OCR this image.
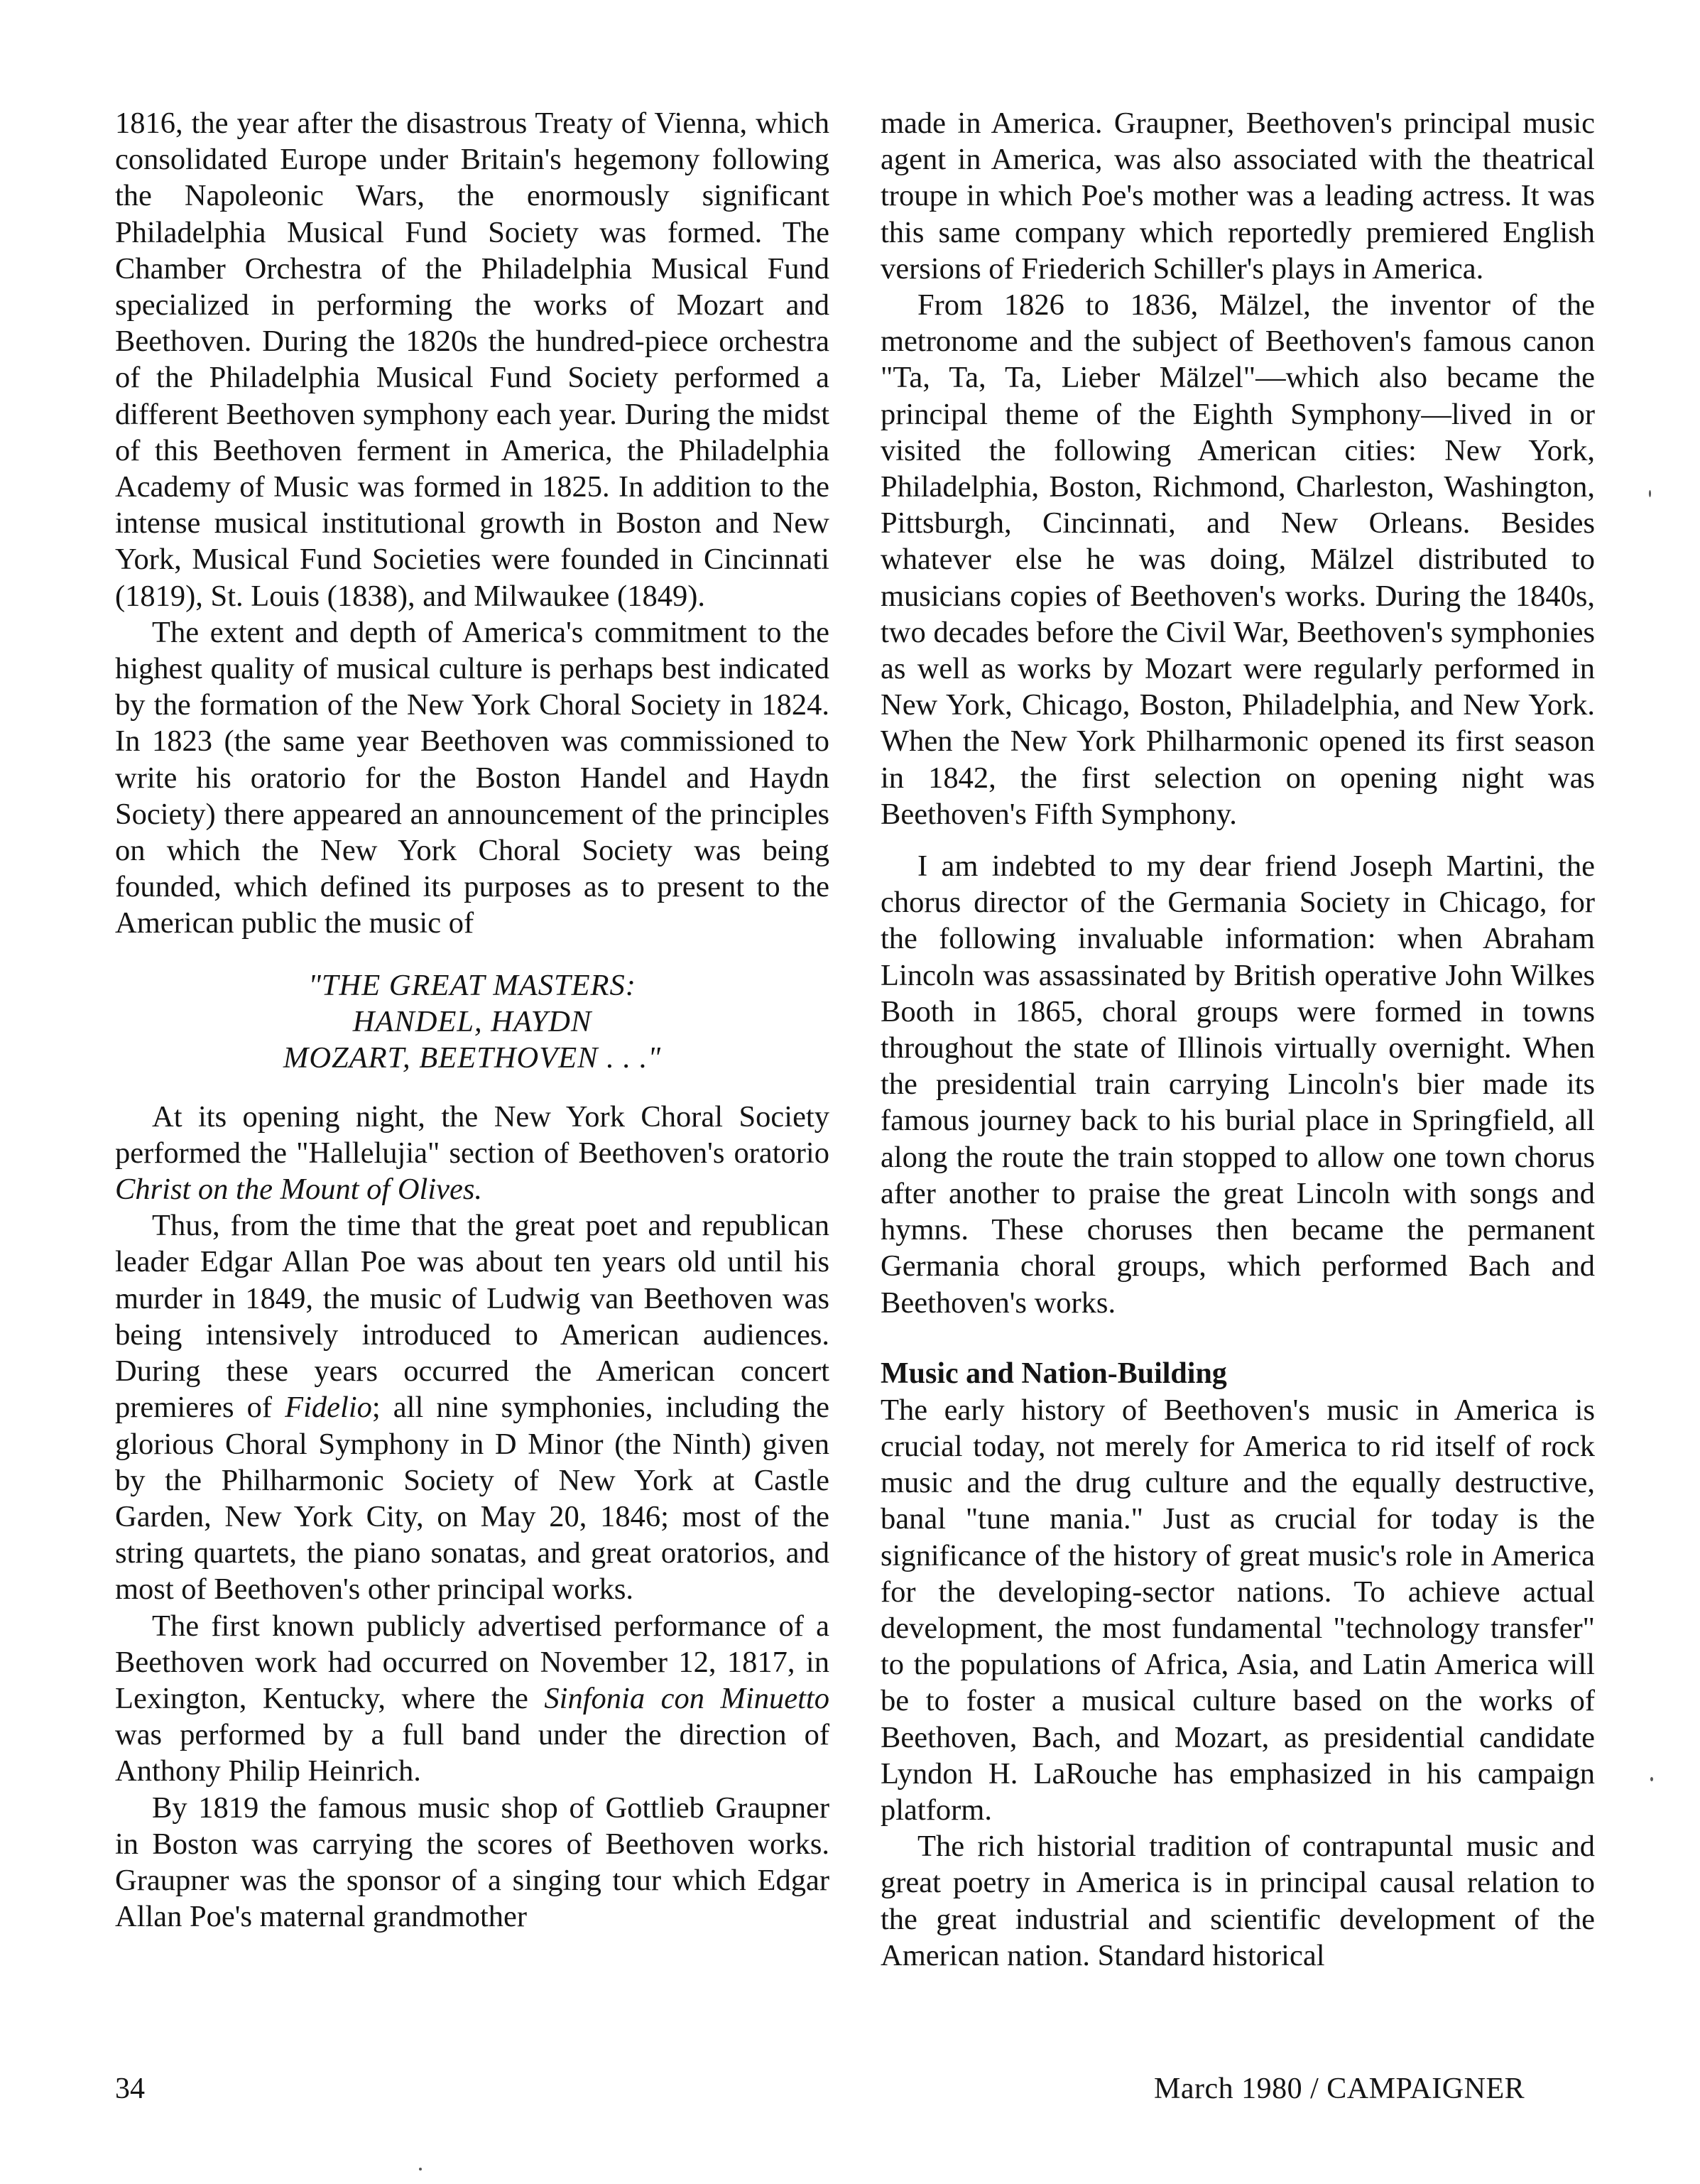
1816, the year after the disastrous Treaty of Vienna, which consolidated Europe under Britain's hegemony following the Napoleonic Wars, the enormously significant Philadelphia Musical Fund Society was formed. The Chamber Orchestra of the Philadelphia Musical Fund specialized in performing the works of Mozart and Beethoven. During the 1820s the hundred-piece orchestra of the Philadelphia Musical Fund Society performed a different Beethoven symphony each year. During the midst of this Beethoven ferment in America, the Philadelphia Academy of Music was formed in 1825. In addition to the intense musical institutional growth in Boston and New York, Musical Fund Societies were founded in Cincinnati (1819), St. Louis (1838), and Milwaukee (1849).

The extent and depth of America's commitment to the highest quality of musical culture is perhaps best indicated by the formation of the New York Choral Society in 1824. In 1823 (the same year Beethoven was commissioned to write his oratorio for the Boston Handel and Haydn Society) there appeared an announcement of the principles on which the New York Choral Society was being founded, which defined its purposes as to present to the American public the music of

"THE GREAT MASTERS:
HANDEL, HAYDN
MOZART, BEETHOVEN . . ."

At its opening night, the New York Choral Society performed the "Hallelujia" section of Beethoven's oratorio Christ on the Mount of Olives.

Thus, from the time that the great poet and republican leader Edgar Allan Poe was about ten years old until his murder in 1849, the music of Ludwig van Beethoven was being intensively introduced to American audiences. During these years occurred the American concert premieres of Fidelio; all nine symphonies, including the glorious Choral Symphony in D Minor (the Ninth) given by the Philharmonic Society of New York at Castle Garden, New York City, on May 20, 1846; most of the string quartets, the piano sonatas, and great oratorios, and most of Beethoven's other principal works.

The first known publicly advertised performance of a Beethoven work had occurred on November 12, 1817, in Lexington, Kentucky, where the Sinfonia con Minuetto was performed by a full band under the direction of Anthony Philip Heinrich.

By 1819 the famous music shop of Gottlieb Graupner in Boston was carrying the scores of Beethoven works. Graupner was the sponsor of a singing tour which Edgar Allan Poe's maternal grandmother

made in America. Graupner, Beethoven's principal music agent in America, was also associated with the theatrical troupe in which Poe's mother was a leading actress. It was this same company which reportedly premiered English versions of Friederich Schiller's plays in America.

From 1826 to 1836, Mälzel, the inventor of the metronome and the subject of Beethoven's famous canon "Ta, Ta, Ta, Lieber Mälzel"—which also became the principal theme of the Eighth Symphony—lived in or visited the following American cities: New York, Philadelphia, Boston, Richmond, Charleston, Washington, Pittsburgh, Cincinnati, and New Orleans. Besides whatever else he was doing, Mälzel distributed to musicians copies of Beethoven's works. During the 1840s, two decades before the Civil War, Beethoven's symphonies as well as works by Mozart were regularly performed in New York, Chicago, Boston, Philadelphia, and New York. When the New York Philharmonic opened its first season in 1842, the first selection on opening night was Beethoven's Fifth Symphony.

I am indebted to my dear friend Joseph Martini, the chorus director of the Germania Society in Chicago, for the following invaluable information: when Abraham Lincoln was assassinated by British operative John Wilkes Booth in 1865, choral groups were formed in towns throughout the state of Illinois virtually overnight. When the presidential train carrying Lincoln's bier made its famous journey back to his burial place in Springfield, all along the route the train stopped to allow one town chorus after another to praise the great Lincoln with songs and hymns. These choruses then became the permanent Germania choral groups, which performed Bach and Beethoven's works.

Music and Nation-Building

The early history of Beethoven's music in America is crucial today, not merely for America to rid itself of rock music and the drug culture and the equally destructive, banal "tune mania." Just as crucial for today is the significance of the history of great music's role in America for the developing-sector nations. To achieve actual development, the most fundamental "technology transfer" to the populations of Africa, Asia, and Latin America will be to foster a musical culture based on the works of Beethoven, Bach, and Mozart, as presidential candidate Lyndon H. LaRouche has emphasized in his campaign platform.

The rich historial tradition of contrapuntal music and great poetry in America is in principal causal relation to the great industrial and scientific development of the American nation. Standard historical

34	March 1980 / CAMPAIGNER
